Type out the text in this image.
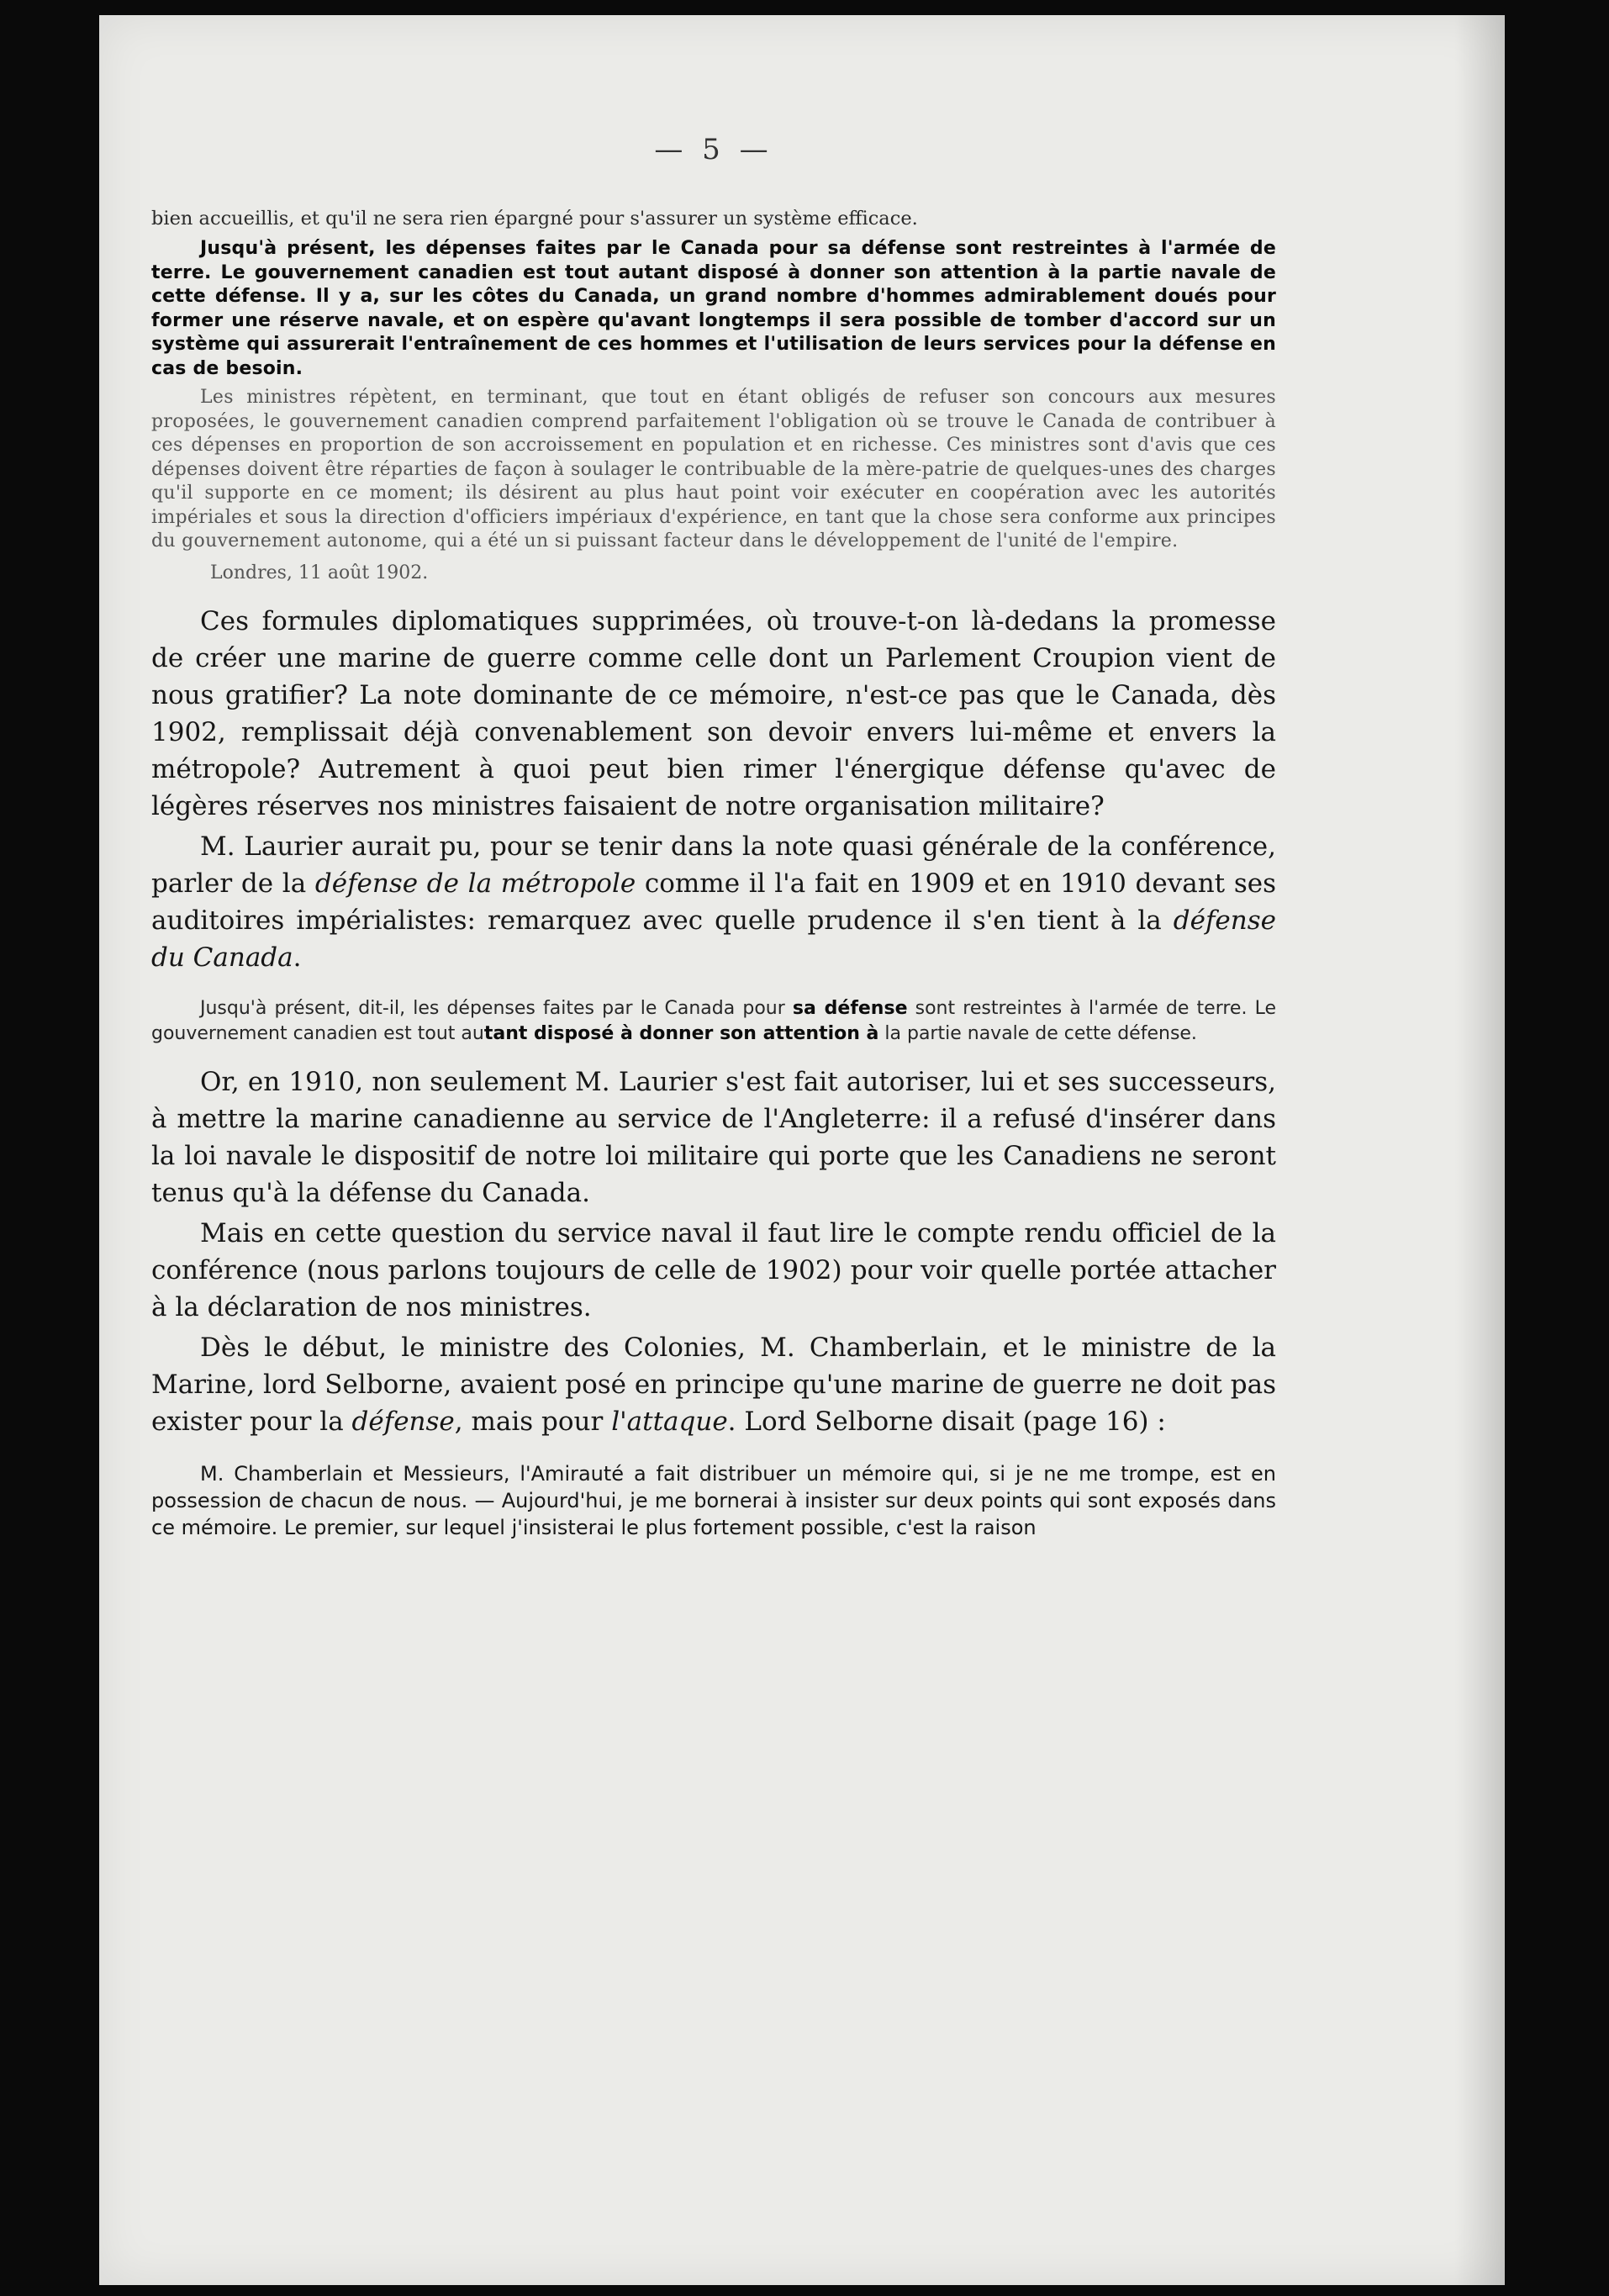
— 5 —

bien accueillis, et qu'il ne sera rien épargné pour s'assurer un système efficace.

Jusqu'à présent, les dépenses faites par le Canada pour sa défense sont restreintes à l'armée de terre. Le gouvernement canadien est tout autant disposé à donner son attention à la partie navale de cette défense. Il y a, sur les côtes du Canada, un grand nombre d'hommes admirablement doués pour former une réserve navale, et on espère qu'avant longtemps il sera possible de tomber d'accord sur un système qui assurerait l'entraînement de ces hommes et l'utilisation de leurs services pour la défense en cas de besoin.

Les ministres répètent, en terminant, que tout en étant obligés de refuser son concours aux mesures proposées, le gouvernement canadien comprend parfaitement l'obligation où se trouve le Canada de contribuer à ces dépenses en proportion de son accroissement en population et en richesse. Ces ministres sont d'avis que ces dépenses doivent être réparties de façon à soulager le contribuable de la mère-patrie de quelques-unes des charges qu'il supporte en ce moment; ils désirent au plus haut point voir exécuter en coopération avec les autorités impériales et sous la direction d'officiers impériaux d'expérience, en tant que la chose sera conforme aux principes du gouvernement autonome, qui a été un si puissant facteur dans le développement de l'unité de l'empire.

Londres, 11 août 1902.

Ces formules diplomatiques supprimées, où trouve-t-on là-dedans la promesse de créer une marine de guerre comme celle dont un Parlement Croupion vient de nous gratifier? La note dominante de ce mémoire, n'est-ce pas que le Canada, dès 1902, remplissait déjà convenablement son devoir envers lui-même et envers la métropole? Autrement à quoi peut bien rimer l'énergique défense qu'avec de légères réserves nos ministres faisaient de notre organisation militaire?

M. Laurier aurait pu, pour se tenir dans la note quasi générale de la conférence, parler de la défense de la métropole comme il l'a fait en 1909 et en 1910 devant ses auditoires impérialistes: remarquez avec quelle prudence il s'en tient à la défense du Canada.

Jusqu'à présent, dit-il, les dépenses faites par le Canada pour sa défense sont restreintes à l'armée de terre. Le gouvernement canadien est tout autant disposé à donner son attention à la partie navale de cette défense.

Or, en 1910, non seulement M. Laurier s'est fait autoriser, lui et ses successeurs, à mettre la marine canadienne au service de l'Angleterre: il a refusé d'insérer dans la loi navale le dispositif de notre loi militaire qui porte que les Canadiens ne seront tenus qu'à la défense du Canada.

Mais en cette question du service naval il faut lire le compte rendu officiel de la conférence (nous parlons toujours de celle de 1902) pour voir quelle portée attacher à la déclaration de nos ministres.

Dès le début, le ministre des Colonies, M. Chamberlain, et le ministre de la Marine, lord Selborne, avaient posé en principe qu'une marine de guerre ne doit pas exister pour la défense, mais pour l'attaque. Lord Selborne disait (page 16) :

M. Chamberlain et Messieurs, l'Amirauté a fait distribuer un mémoire qui, si je ne me trompe, est en possession de chacun de nous. — Aujourd'hui, je me bornerai à insister sur deux points qui sont exposés dans ce mémoire. Le premier, sur lequel j'insisterai le plus fortement possible, c'est la raison
